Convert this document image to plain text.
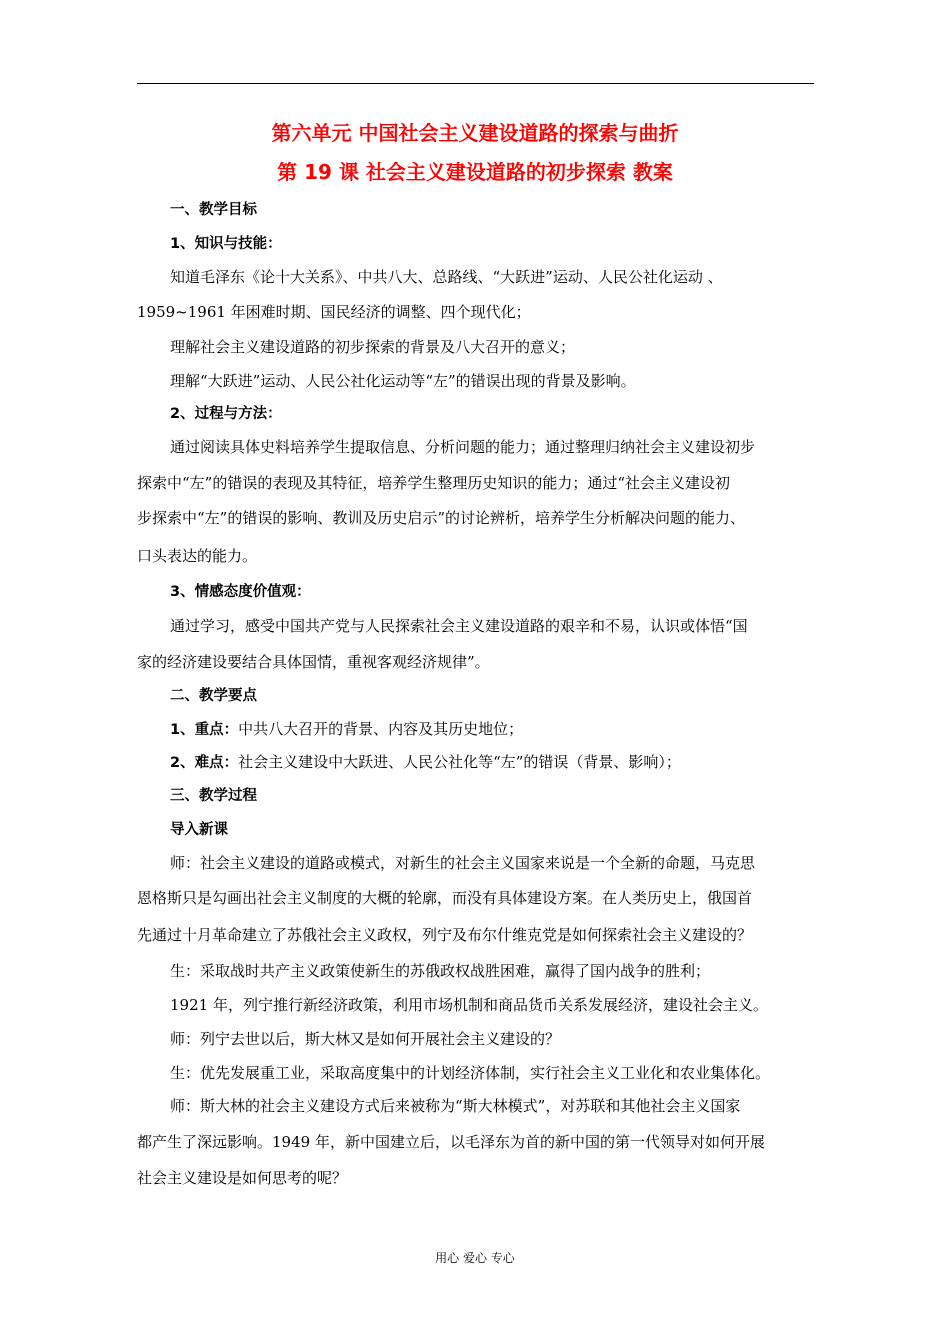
第六单元 中国社会主义建设道路的探索与曲折
第 19 课 社会主义建设道路的初步探索 教案
一、教学目标
1、知识与技能：
知道毛泽东《论十大关系》、中共八大、总路线、“大跃进”运动、人民公社化运动 、
1959~1961 年困难时期、国民经济的调整、四个现代化；
理解社会主义建设道路的初步探索的背景及八大召开的意义；
理解“大跃进”运动、人民公社化运动等“左”的错误出现的背景及影响。
2、过程与方法：
通过阅读具体史料培养学生提取信息、分析问题的能力；通过整理归纳社会主义建设初步
探索中“左”的错误的表现及其特征，培养学生整理历史知识的能力；通过“社会主义建设初
步探索中“左”的错误的影响、教训及历史启示”的讨论辨析，培养学生分析解决问题的能力、
口头表达的能力。
3、情感态度价值观：
通过学习，感受中国共产党与人民探索社会主义建设道路的艰辛和不易，认识或体悟“国
家的经济建设要结合具体国情，重视客观经济规律”。
二、教学要点
1、重点：中共八大召开的背景、内容及其历史地位；
2、难点：社会主义建设中大跃进、人民公社化等“左”的错误（背景、影响）；
三、教学过程
导入新课
师：社会主义建设的道路或模式，对新生的社会主义国家来说是一个全新的命题，马克思
恩格斯只是勾画出社会主义制度的大概的轮廓，而没有具体建设方案。在人类历史上，俄国首
先通过十月革命建立了苏俄社会主义政权，列宁及布尔什维克党是如何探索社会主义建设的？
生：采取战时共产主义政策使新生的苏俄政权战胜困难，赢得了国内战争的胜利；
1921 年，列宁推行新经济政策，利用市场机制和商品货币关系发展经济，建设社会主义。
师：列宁去世以后，斯大林又是如何开展社会主义建设的？
生：优先发展重工业，采取高度集中的计划经济体制，实行社会主义工业化和农业集体化。
师：斯大林的社会主义建设方式后来被称为“斯大林模式”，对苏联和其他社会主义国家
都产生了深远影响。1949 年，新中国建立后，以毛泽东为首的新中国的第一代领导对如何开展
社会主义建设是如何思考的呢？
用心 爱心 专心
